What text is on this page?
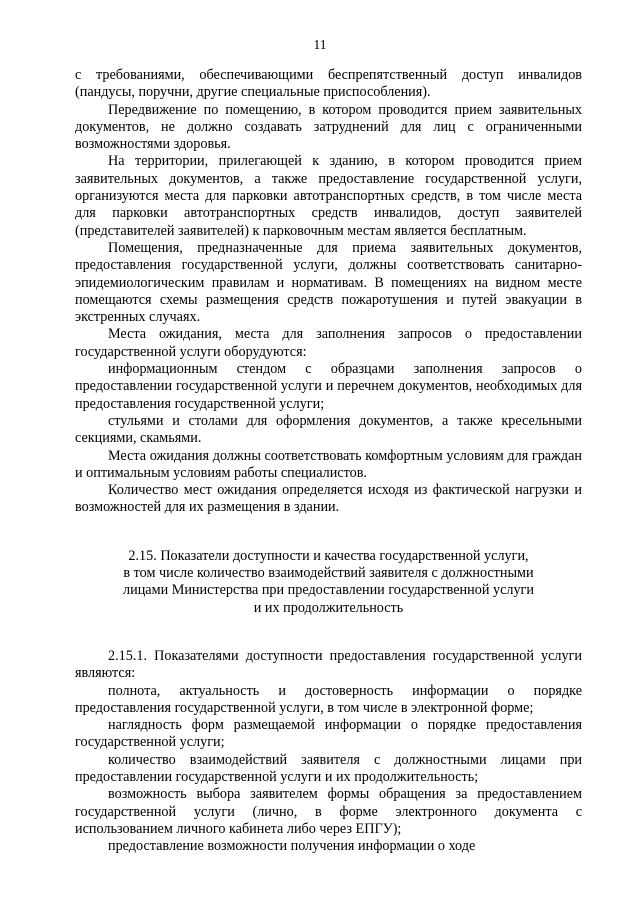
11

с требованиями, обеспечивающими беспрепятственный доступ инвалидов (пандусы, поручни, другие специальные приспособления).

Передвижение по помещению, в котором проводится прием заявительных документов, не должно создавать затруднений для лиц с ограниченными возможностями здоровья.

На территории, прилегающей к зданию, в котором проводится прием заявительных документов, а также предоставление государственной услуги, организуются места для парковки автотранспортных средств, в том числе места для парковки автотранспортных средств инвалидов, доступ заявителей (представителей заявителей) к парковочным местам является бесплатным.

Помещения, предназначенные для приема заявительных документов, предоставления государственной услуги, должны соответствовать санитарно-эпидемиологическим правилам и нормативам. В помещениях на видном месте помещаются схемы размещения средств пожаротушения и путей эвакуации в экстренных случаях.

Места ожидания, места для заполнения запросов о предоставлении государственной услуги оборудуются:

информационным стендом с образцами заполнения запросов о предоставлении государственной услуги и перечнем документов, необходимых для предоставления государственной услуги;

стульями и столами для оформления документов, а также кресельными секциями, скамьями.

Места ожидания должны соответствовать комфортным условиям для граждан и оптимальным условиям работы специалистов.

Количество мест ожидания определяется исходя из фактической нагрузки и возможностей для их размещения в здании.

2.15. Показатели доступности и качества государственной услуги,
в том числе количество взаимодействий заявителя с должностными
лицами Министерства при предоставлении государственной услуги
и их продолжительность

2.15.1. Показателями доступности предоставления государственной услуги являются:

полнота, актуальность и достоверность информации о порядке предоставления государственной услуги, в том числе в электронной форме;

наглядность форм размещаемой информации о порядке предоставления государственной услуги;

количество взаимодействий заявителя с должностными лицами при предоставлении государственной услуги и их продолжительность;

возможность выбора заявителем формы обращения за предоставлением государственной услуги (лично, в форме электронного документа с использованием личного кабинета либо через ЕПГУ);

предоставление возможности получения информации о ходе
